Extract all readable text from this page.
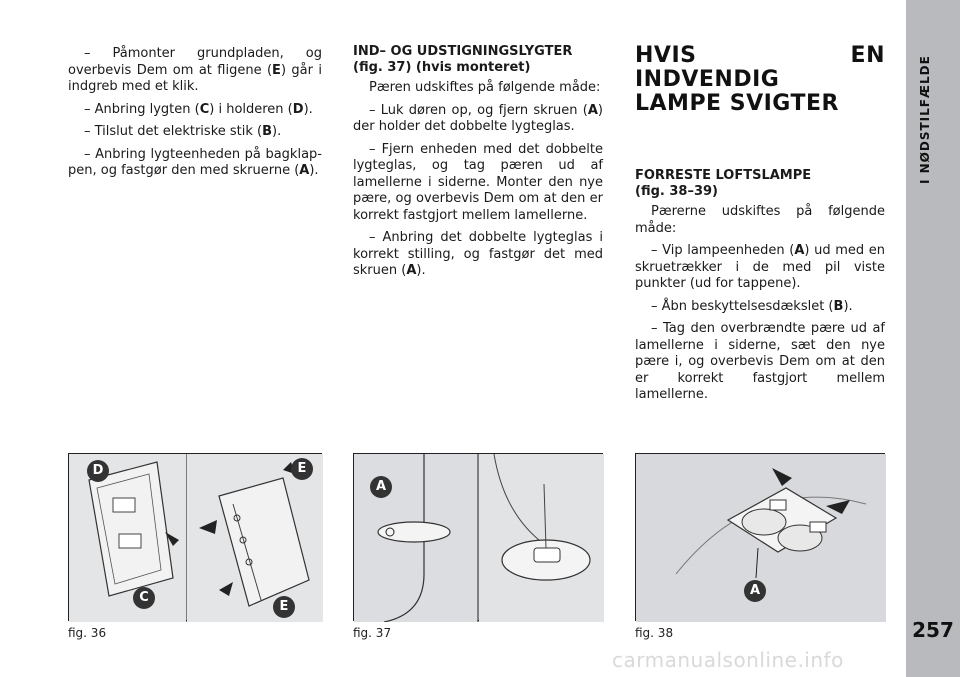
I NØDSTILFÆLDE
257

– Påmonter grundpladen, og overbevis Dem om at fligene (E) går i indgreb med et klik.

– Anbring lygten (C) i holderen (D).

– Tilslut det elektriske stik (B).

– Anbring lygteenheden på bagklappen, og fastgør den med skruerne (A).

IND– OG UDSTIGNINGSLYGTER
(fig. 37) (hvis monteret)

Pæren udskiftes på følgende måde:

– Luk døren op, og fjern skruen (A) der holder det dobbelte lygteglas.

– Fjern enheden med det dobbelte lygteglas, og tag pæren ud af lamellerne i siderne. Monter den nye pære, og overbevis Dem om at den er korrekt fastgjort mellem lamellerne.

– Anbring det dobbelte lygteglas i korrekt stilling, og fastgør det med skruen (A).

HVIS EN INDVENDIG
LAMPE SVIGTER
FORRESTE LOFTSLAMPE
(fig. 38–39)

Pærerne udskiftes på følgende måde:

– Vip lampeenheden (A) ud med en skruetrækker i de med pil viste punkter (ud for tappene).

– Åbn beskyttelsesdækslet (B).

– Tag den overbrændte pære ud af lamellerne i siderne, sæt den nye pære i, og overbevis Dem om at den er korrekt fastgjort mellem lamellerne.

D
C
E
E
fig. 36
A
fig. 37
A
fig. 38
carmanualsonline.info
